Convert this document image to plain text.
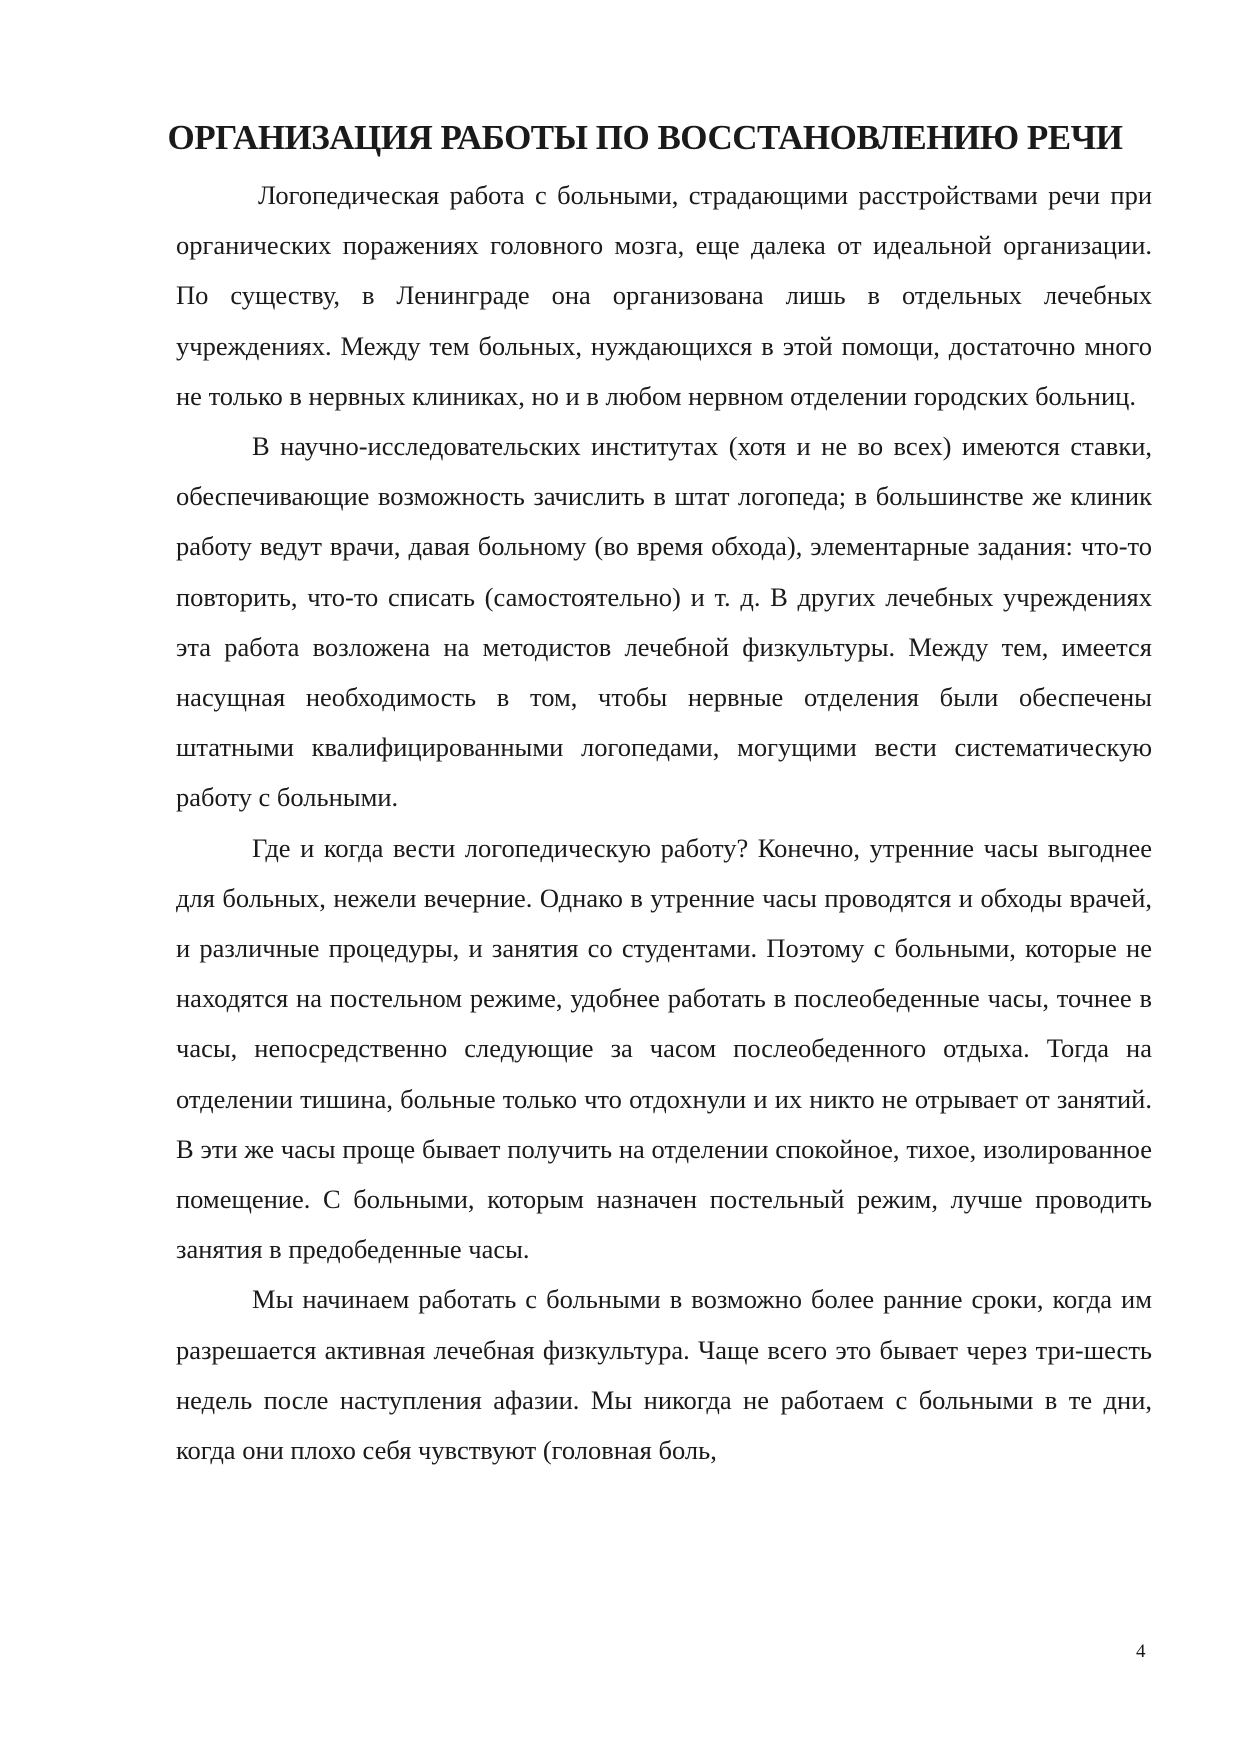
ОРГАНИЗАЦИЯ РАБОТЫ ПО ВОССТАНОВЛЕНИЮ РЕЧИ

Логопедическая работа с больными, страдающими расстройствами речи при органических поражениях головного мозга, еще далека от идеальной организации. По существу, в Ленинграде она организована лишь в отдельных лечебных учреждениях. Между тем больных, нуждающихся в этой помощи, достаточно много не только в нервных клиниках, но и в любом нервном отделении городских больниц.

В научно-исследовательских институтах (хотя и не во всех) имеются ставки, обеспечивающие возможность зачислить в штат логопеда; в большинстве же клиник работу ведут врачи, давая больному (во время обхода), элементарные задания: что-то повторить, что-то списать (самостоятельно) и т. д. В других лечебных учреждениях эта работа возложена на методистов лечебной физкультуры. Между тем, имеется насущная необходимость в том, чтобы нервные отделения были обеспечены штатными квалифицированными логопедами, могущими вести систематическую работу с больными.

Где и когда вести логопедическую работу? Конечно, утренние часы выгоднее для больных, нежели вечерние. Однако в утренние часы проводятся и обходы врачей, и различные процедуры, и занятия со студентами. Поэтому с больными, которые не находятся на постельном режиме, удобнее работать в послеобеденные часы, точнее в часы, непосредственно следующие за часом послеобеденного отдыха. Тогда на отделении тишина, больные только что отдохнули и их никто не отрывает от занятий. В эти же часы проще бывает получить на отделении спокойное, тихое, изолированное помещение. С больными, которым назначен постельный режим, лучше проводить занятия в предобеденные часы.

Мы начинаем работать с больными в возможно более ранние сроки, когда им разрешается активная лечебная физкультура. Чаще всего это бывает через три-шесть недель после наступления афазии. Мы никогда не работаем с больными в те дни, когда они плохо себя чувствуют (головная боль,

4
